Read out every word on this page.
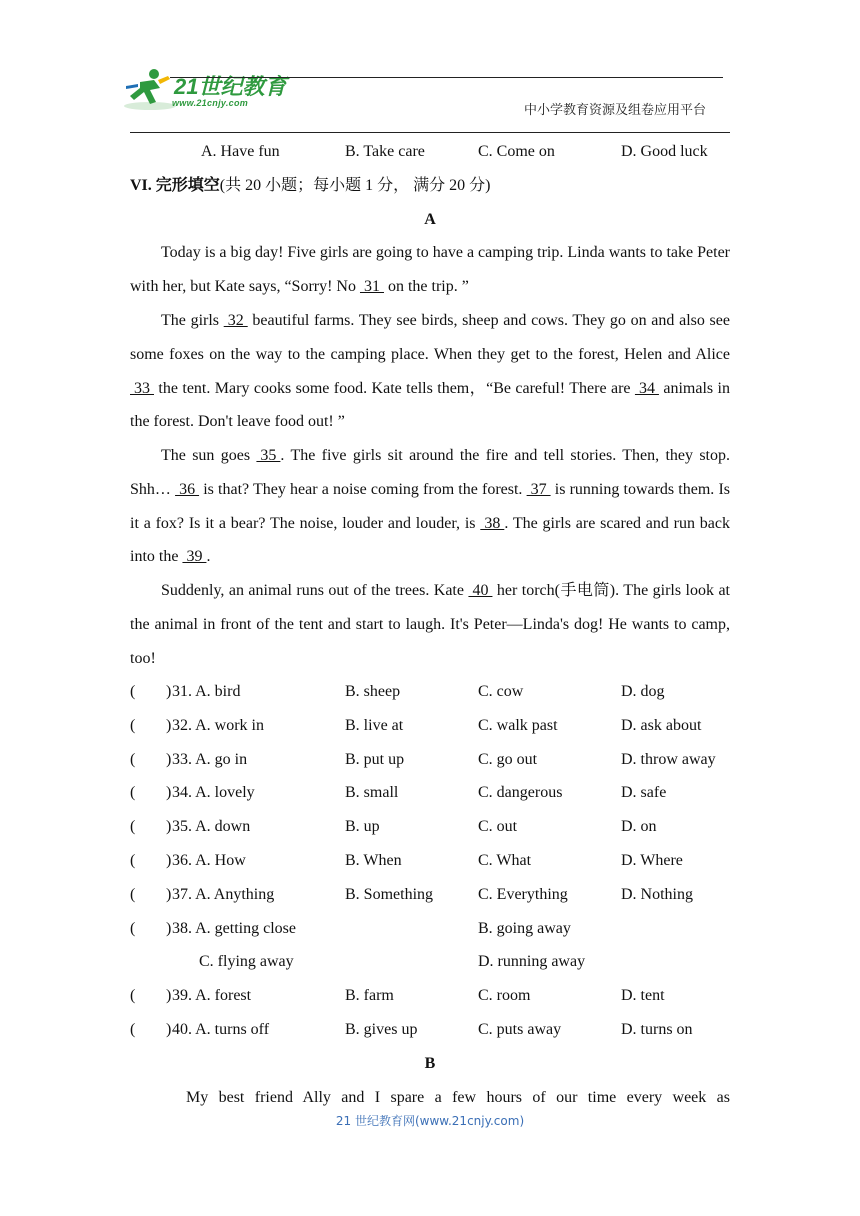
21世纪教育
www.21cnjy.com	中小学教育资源及组卷应用平台
A. Have fun	B. Take care	C. Come on	D. Good luck
VI. 完形填空(共 20 小题；每小题 1 分， 满分 20 分)
A
Today is a big day! Five girls are going to have a camping trip. Linda wants to take Peter with her, but Kate says, “Sorry! No  31  on the trip. ”
The girls  32  beautiful farms. They see birds, sheep and cows. They go on and also see some foxes on the way to the camping place. When they get to the forest, Helen and Alice  33  the tent. Mary cooks some food. Kate tells them，“Be careful! There are  34  animals in the forest. Don't leave food out! ”
The sun goes  35 . The five girls sit around the fire and tell stories. Then, they stop. Shh…  36  is that? They hear a noise coming from the forest.  37  is running towards them. Is it a fox? Is it a bear? The noise, louder and louder, is  38 . The girls are scared and run back into the  39 .
Suddenly, an animal runs out of the trees. Kate  40  her torch(手电筒). The girls look at the animal in front of the tent and start to laugh. It's Peter—Linda's dog! He wants to camp, too!
( ) 31. A. bird	B. sheep	C. cow	D. dog
( ) 32. A. work in	B. live at	C. walk past	D. ask about
( ) 33. A. go in	B. put up	C. go out	D. throw away
( ) 34. A. lovely	B. small	C. dangerous	D. safe
( ) 35. A. down	B. up	C. out	D. on
( ) 36. A. How	B. When	C. What	D. Where
( ) 37. A. Anything	B. Something	C. Everything	D. Nothing
( ) 38. A. getting close	B. going away
C. flying away	D. running away
( ) 39. A. forest	B. farm	C. room	D. tent
( ) 40. A. turns off	B. gives up	C. puts away	D. turns on
B
My best friend Ally and I spare a few hours of our time every week as
21 世纪教育网(www.21cnjy.com)
